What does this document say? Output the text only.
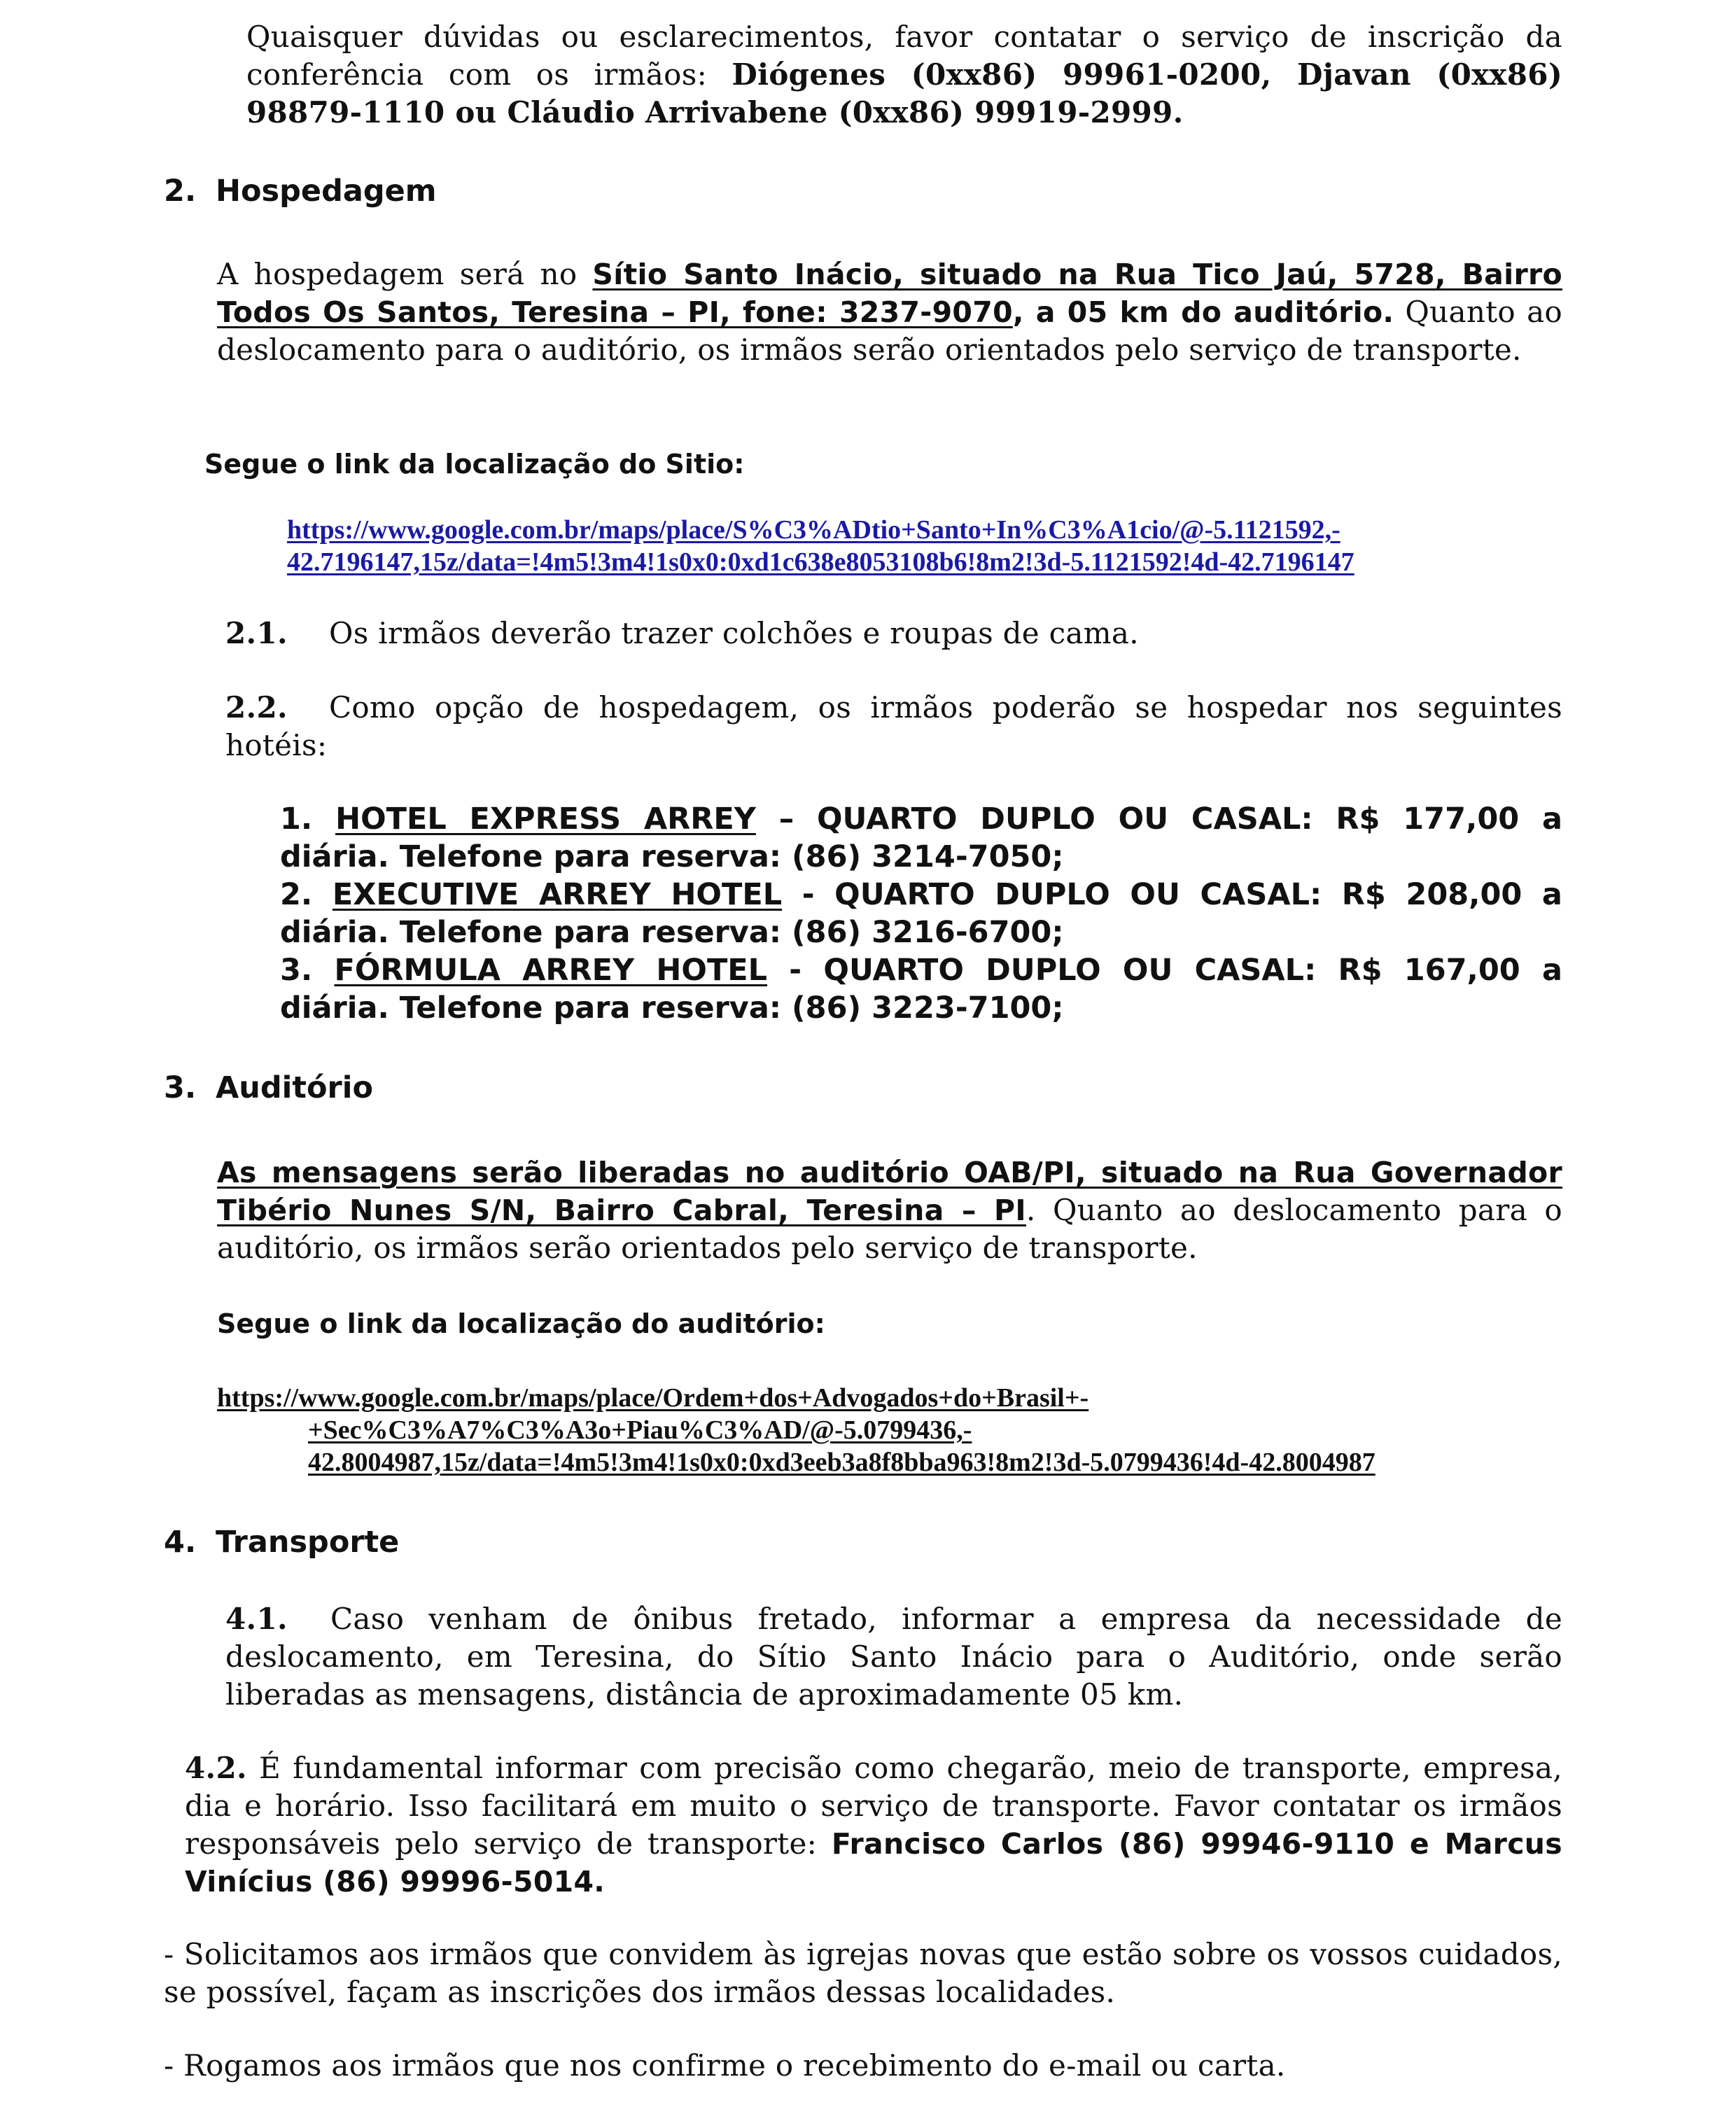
Quaisquer dúvidas ou esclarecimentos, favor contatar o serviço de inscrição da conferência com os irmãos: Diógenes (0xx86) 99961-0200, Djavan (0xx86) 98879-1110 ou Cláudio Arrivabene (0xx86) 99919-2999.
2. Hospedagem
A hospedagem será no Sítio Santo Inácio, situado na Rua Tico Jaú, 5728, Bairro Todos Os Santos, Teresina – PI, fone: 3237-9070, a 05 km do auditório. Quanto ao deslocamento para o auditório, os irmãos serão orientados pelo serviço de transporte.
Segue o link da localização do Sitio:
https://www.google.com.br/maps/place/S%C3%ADtio+Santo+In%C3%A1cio/@-5.1121592,-
42.7196147,15z/data=!4m5!3m4!1s0x0:0xd1c638e8053108b6!8m2!3d-5.1121592!4d-42.7196147
2.1. Os irmãos deverão trazer colchões e roupas de cama.
2.2. Como opção de hospedagem, os irmãos poderão se hospedar nos seguintes hotéis:
1. HOTEL EXPRESS ARREY – QUARTO DUPLO OU CASAL: R$ 177,00 a
diária. Telefone para reserva: (86) 3214-7050;
2. EXECUTIVE ARREY HOTEL - QUARTO DUPLO OU CASAL: R$ 208,00 a
diária. Telefone para reserva: (86) 3216-6700;
3. FÓRMULA ARREY HOTEL - QUARTO DUPLO OU CASAL: R$ 167,00 a
diária. Telefone para reserva: (86) 3223-7100;
3. Auditório
As mensagens serão liberadas no auditório OAB/PI, situado na Rua Governador Tibério Nunes S/N, Bairro Cabral, Teresina – PI. Quanto ao deslocamento para o auditório, os irmãos serão orientados pelo serviço de transporte.
Segue o link da localização do auditório:
https://www.google.com.br/maps/place/Ordem+dos+Advogados+do+Brasil+-
+Sec%C3%A7%C3%A3o+Piau%C3%AD/@-5.0799436,-
42.8004987,15z/data=!4m5!3m4!1s0x0:0xd3eeb3a8f8bba963!8m2!3d-5.0799436!4d-42.8004987
4. Transporte
4.1. Caso venham de ônibus fretado, informar a empresa da necessidade de deslocamento, em Teresina, do Sítio Santo Inácio para o Auditório, onde serão liberadas as mensagens, distância de aproximadamente 05 km.
4.2. É fundamental informar com precisão como chegarão, meio de transporte, empresa, dia e horário. Isso facilitará em muito o serviço de transporte. Favor contatar os irmãos responsáveis pelo serviço de transporte: Francisco Carlos (86) 99946-9110 e Marcus Vinícius (86) 99996-5014.
- Solicitamos aos irmãos que convidem às igrejas novas que estão sobre os vossos cuidados, se possível, façam as inscrições dos irmãos dessas localidades.
- Rogamos aos irmãos que nos confirme o recebimento do e-mail ou carta.
